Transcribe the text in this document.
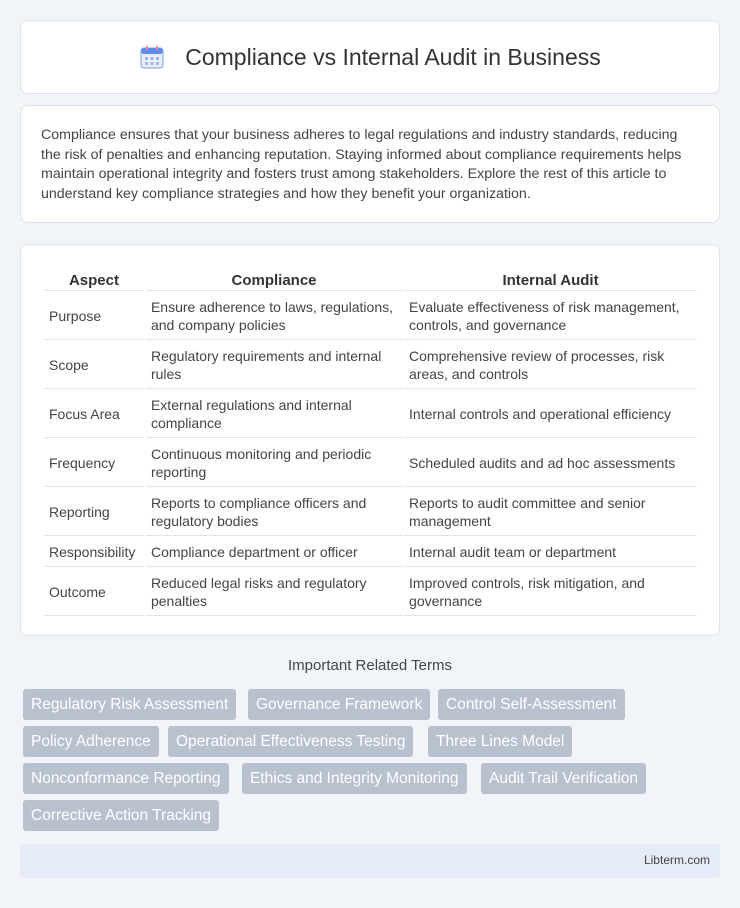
Compliance vs Internal Audit in Business

Compliance ensures that your business adheres to legal regulations and industry standards, reducing the risk of penalties and enhancing reputation. Staying informed about compliance requirements helps maintain operational integrity and fosters trust among stakeholders. Explore the rest of this article to understand key compliance strategies and how they benefit your organization.

Aspect	Compliance	Internal Audit
Purpose	Ensure adherence to laws, regulations, and company policies	Evaluate effectiveness of risk management, controls, and governance
Scope	Regulatory requirements and internal rules	Comprehensive review of processes, risk areas, and controls
Focus Area	External regulations and internal compliance	Internal controls and operational efficiency
Frequency	Continuous monitoring and periodic reporting	Scheduled audits and ad hoc assessments
Reporting	Reports to compliance officers and regulatory bodies	Reports to audit committee and senior management
Responsibility	Compliance department or officer	Internal audit team or department
Outcome	Reduced legal risks and regulatory penalties	Improved controls, risk mitigation, and governance
Important Related Terms
Regulatory Risk Assessment	Governance Framework	Control Self-Assessment
Policy Adherence	Operational Effectiveness Testing	Three Lines Model
Nonconformance Reporting	Ethics and Integrity Monitoring	Audit Trail Verification
Corrective Action Tracking
Libterm.com
